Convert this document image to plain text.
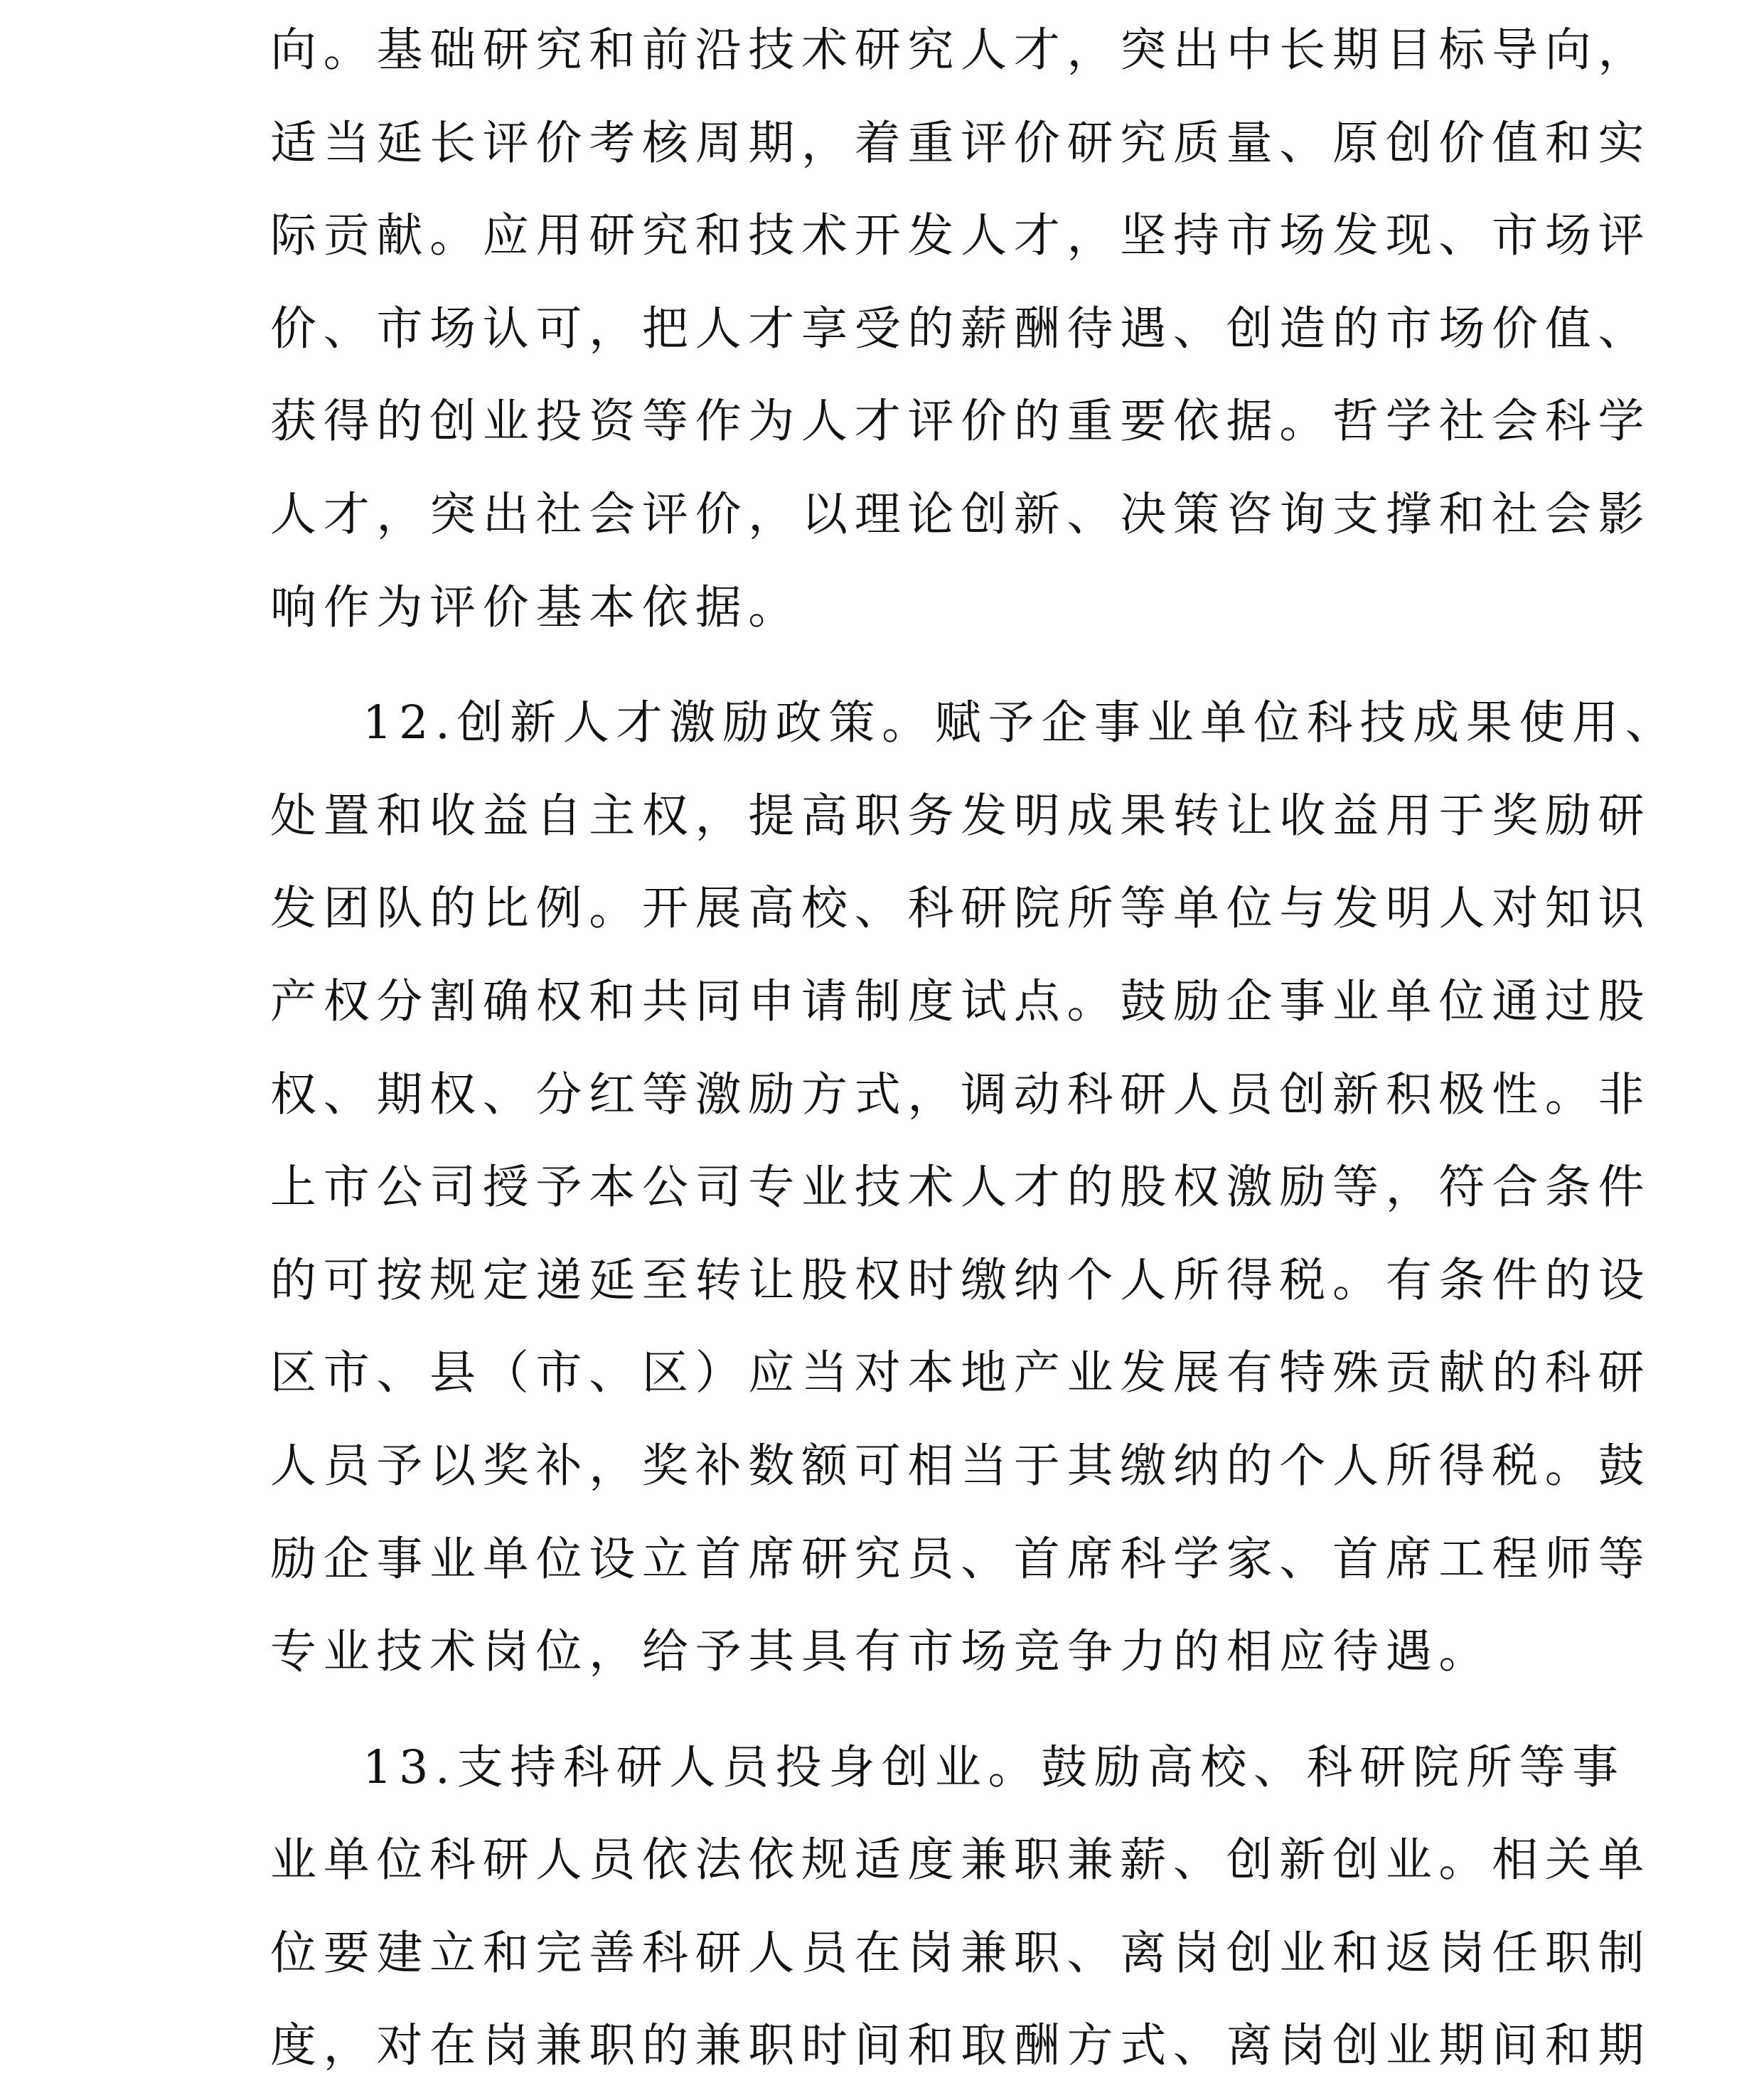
向。基础研究和前沿技术研究人才，突出中长期目标导向，
适当延长评价考核周期，着重评价研究质量、原创价值和实
际贡献。应用研究和技术开发人才，坚持市场发现、市场评
价、市场认可，把人才享受的薪酬待遇、创造的市场价值、
获得的创业投资等作为人才评价的重要依据。哲学社会科学
人才，突出社会评价，以理论创新、决策咨询支撑和社会影
响作为评价基本依据。
12.创新人才激励政策。赋予企事业单位科技成果使用、
处置和收益自主权，提高职务发明成果转让收益用于奖励研
发团队的比例。开展高校、科研院所等单位与发明人对知识
产权分割确权和共同申请制度试点。鼓励企事业单位通过股
权、期权、分红等激励方式，调动科研人员创新积极性。非
上市公司授予本公司专业技术人才的股权激励等，符合条件
的可按规定递延至转让股权时缴纳个人所得税。有条件的设
区市、县（市、区）应当对本地产业发展有特殊贡献的科研
人员予以奖补，奖补数额可相当于其缴纳的个人所得税。鼓
励企事业单位设立首席研究员、首席科学家、首席工程师等
专业技术岗位，给予其具有市场竞争力的相应待遇。
13.支持科研人员投身创业。鼓励高校、科研院所等事
业单位科研人员依法依规适度兼职兼薪、创新创业。相关单
位要建立和完善科研人员在岗兼职、离岗创业和返岗任职制
度，对在岗兼职的兼职时间和取酬方式、离岗创业期间和期
